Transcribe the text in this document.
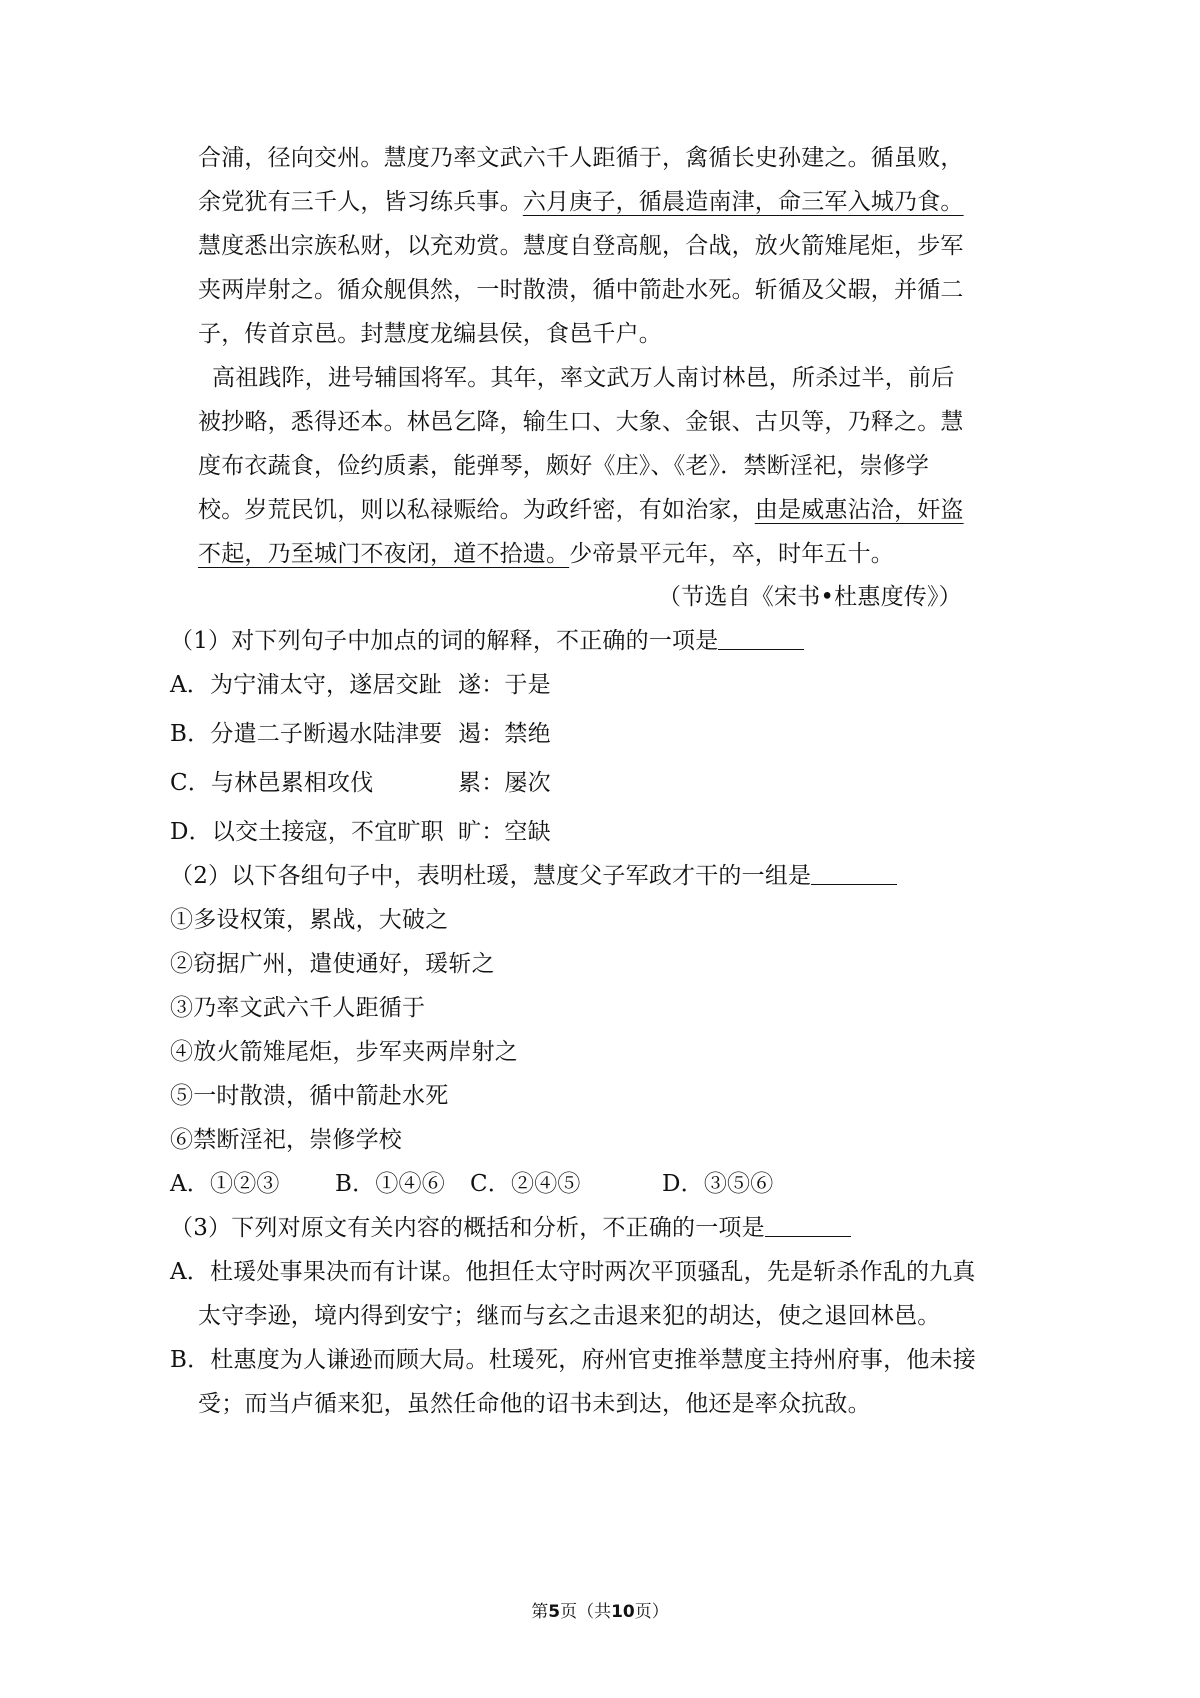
合浦，径向交州。慧度乃率文武六千人距循于，禽循长史孙建之。循虽败，
余党犹有三千人，皆习练兵事。六月庚子，循晨造南津，命三军入城乃食。
慧度悉出宗族私财，以充劝赏。慧度自登高舰，合战，放火箭雉尾炬，步军
夹两岸射之。循众舰俱然，一时散溃，循中箭赴水死。斩循及父嘏，并循二
子，传首京邑。封慧度龙编县侯，食邑千户。
高祖践阼，进号辅国将军。其年，率文武万人南讨林邑，所杀过半，前后
被抄略，悉得还本。林邑乞降，输生口、大象、金银、古贝等，乃释之。慧
度布衣蔬食，俭约质素，能弹琴，颇好《庄》、《老》．禁断淫祀，崇修学
校。岁荒民饥，则以私禄赈给。为政纤密，有如治家，由是威惠沾洽，奸盗
不起，乃至城门不夜闭，道不拾遗。少帝景平元年，卒，时年五十。
（节选自《宋书•杜惠度传》）
（1）对下列句子中加点的词的解释，不正确的一项是
A．为宁浦太守，遂居交趾 遂：于是
B．分遣二子断遏水陆津要 遏：禁绝
C．与林邑累相攻伐	累：屡次
D．以交土接寇，不宜旷职 旷：空缺
（2）以下各组句子中，表明杜瑗，慧度父子军政才干的一组是
①多设权策，累战，大破之
②窃据广州，遣使通好，瑗斩之
③乃率文武六千人距循于
④放火箭雉尾炬，步军夹两岸射之
⑤一时散溃，循中箭赴水死
⑥禁断淫祀，崇修学校
A．①②③ B．①④⑥ C．②④⑤	D．③⑤⑥
（3）下列对原文有关内容的概括和分析，不正确的一项是
A．杜瑗处事果决而有计谋。他担任太守时两次平顶骚乱，先是斩杀作乱的九真
太守李逊，境内得到安宁；继而与玄之击退来犯的胡达，使之退回林邑。
B．杜惠度为人谦逊而顾大局。杜瑗死，府州官吏推举慧度主持州府事，他未接
受；而当卢循来犯，虽然任命他的诏书未到达，他还是率众抗敌。
第5页（共10页）
